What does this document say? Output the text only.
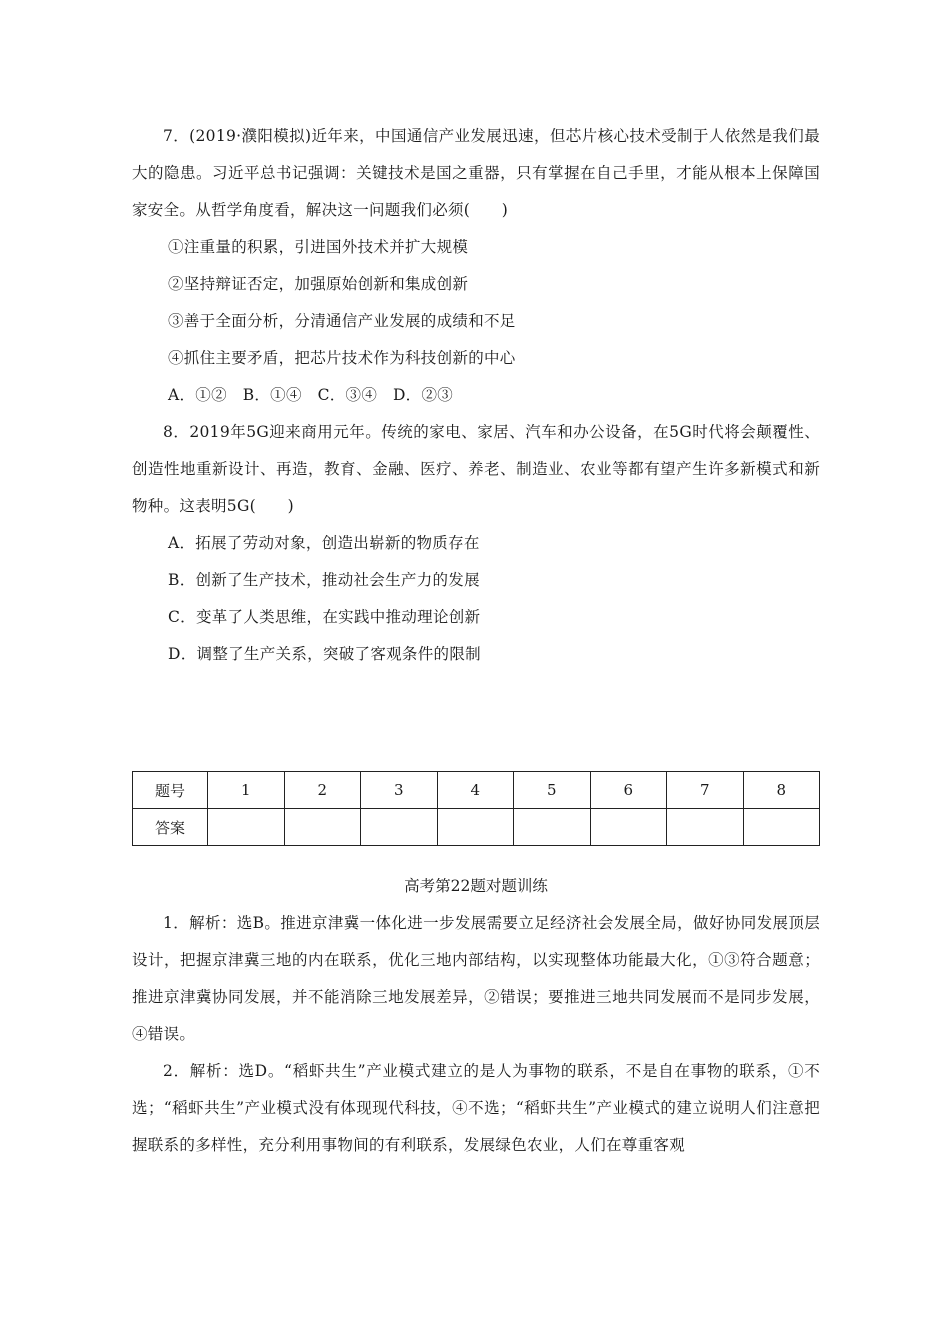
7．(2019·濮阳模拟)近年来，中国通信产业发展迅速，但芯片核心技术受制于人依然是我们最大的隐患。习近平总书记强调：关键技术是国之重器，只有掌握在自己手里，才能从根本上保障国家安全。从哲学角度看，解决这一问题我们必须(　　)

①注重量的积累，引进国外技术并扩大规模

②坚持辩证否定，加强原始创新和集成创新

③善于全面分析，分清通信产业发展的成绩和不足

④抓住主要矛盾，把芯片技术作为科技创新的中心

A．①②　B．①④　C．③④　D．②③

8．2019年5G迎来商用元年。传统的家电、家居、汽车和办公设备，在5G时代将会颠覆性、创造性地重新设计、再造，教育、金融、医疗、养老、制造业、农业等都有望产生许多新模式和新物种。这表明5G(　　)

A．拓展了劳动对象，创造出崭新的物质存在

B．创新了生产技术，推动社会生产力的发展

C．变革了人类思维，在实践中推动理论创新

D．调整了生产关系，突破了客观条件的限制

题号	1	2	3	4	5	6	7	8
答案								

高考第22题对题训练

1．解析：选B。推进京津冀一体化进一步发展需要立足经济社会发展全局，做好协同发展顶层设计，把握京津冀三地的内在联系，优化三地内部结构，以实现整体功能最大化，①③符合题意；推进京津冀协同发展，并不能消除三地发展差异，②错误；要推进三地共同发展而不是同步发展，④错误。

2．解析：选D。“稻虾共生”产业模式建立的是人为事物的联系，不是自在事物的联系，①不选；“稻虾共生”产业模式没有体现现代科技，④不选；“稻虾共生”产业模式的建立说明人们注意把握联系的多样性，充分利用事物间的有利联系，发展绿色农业，人们在尊重客观
